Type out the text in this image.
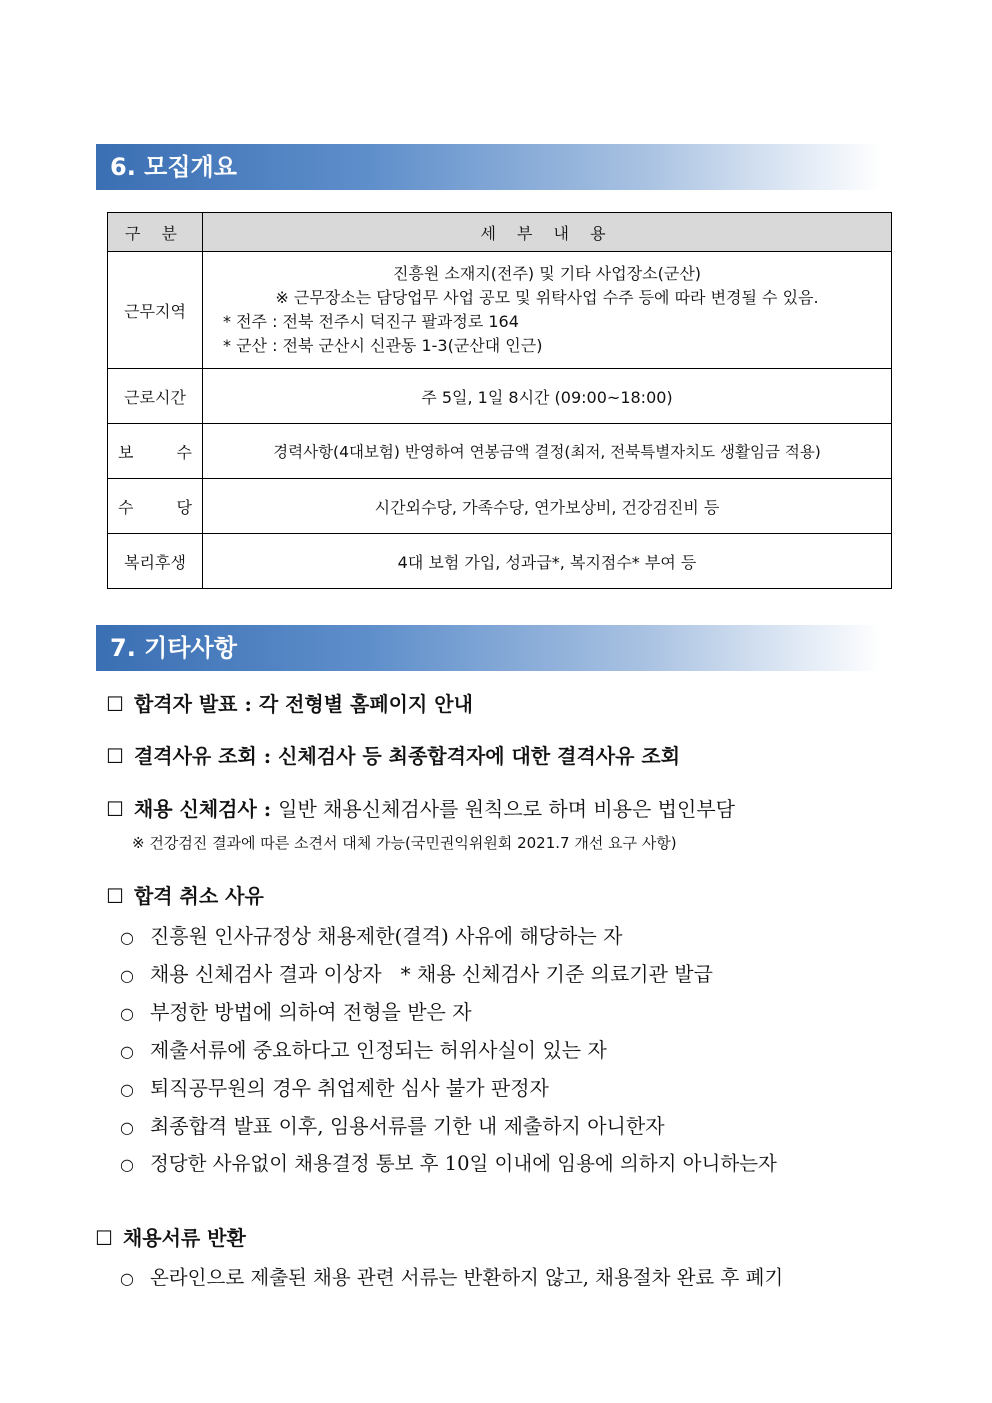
6. 모집개요
구 분	세 부 내 용
근무지역	진흥원 소재지(전주) 및 기타 사업장소(군산)
※ 근무장소는 담당업무 사업 공모 및 위탁사업 수주 등에 따라 변경될 수 있음.
* 전주 : 전북 전주시 덕진구 팔과정로 164
* 군산 : 전북 군산시 신관동 1-3(군산대 인근)

근로시간	주 5일, 1일 8시간 (09:00~18:00)

보 수	경력사항(4대보험) 반영하여 연봉금액 결정(최저, 전북특별자치도 생활임금 적용)

수 당	시간외수당, 가족수당, 연가보상비, 건강검진비 등
복리후생	4대 보험 가입, 성과급*, 복지점수* 부여 등
7. 기타사항
☐ 합격자 발표 : 각 전형별 홈페이지 안내
☐ 결격사유 조회 : 신체검사 등 최종합격자에 대한 결격사유 조회
☐ 채용 신체검사 : 일반 채용신체검사를 원칙으로 하며 비용은 법인부담
※ 건강검진 결과에 따른 소견서 대체 가능(국민권익위원회 2021.7 개선 요구 사항)
☐ 합격 취소 사유
○ 진흥원 인사규정상 채용제한(결격) 사유에 해당하는 자
○ 채용 신체검사 결과 이상자   * 채용 신체검사 기준 의료기관 발급
○ 부정한 방법에 의하여 전형을 받은 자
○ 제출서류에 중요하다고 인정되는 허위사실이 있는 자
○ 퇴직공무원의 경우 취업제한 심사 불가 판정자
○ 최종합격 발표 이후, 임용서류를 기한 내 제출하지 아니한자
○ 정당한 사유없이 채용결정 통보 후 10일 이내에 임용에 의하지 아니하는자
☐ 채용서류 반환
○ 온라인으로 제출된 채용 관련 서류는 반환하지 않고, 채용절차 완료 후 폐기
